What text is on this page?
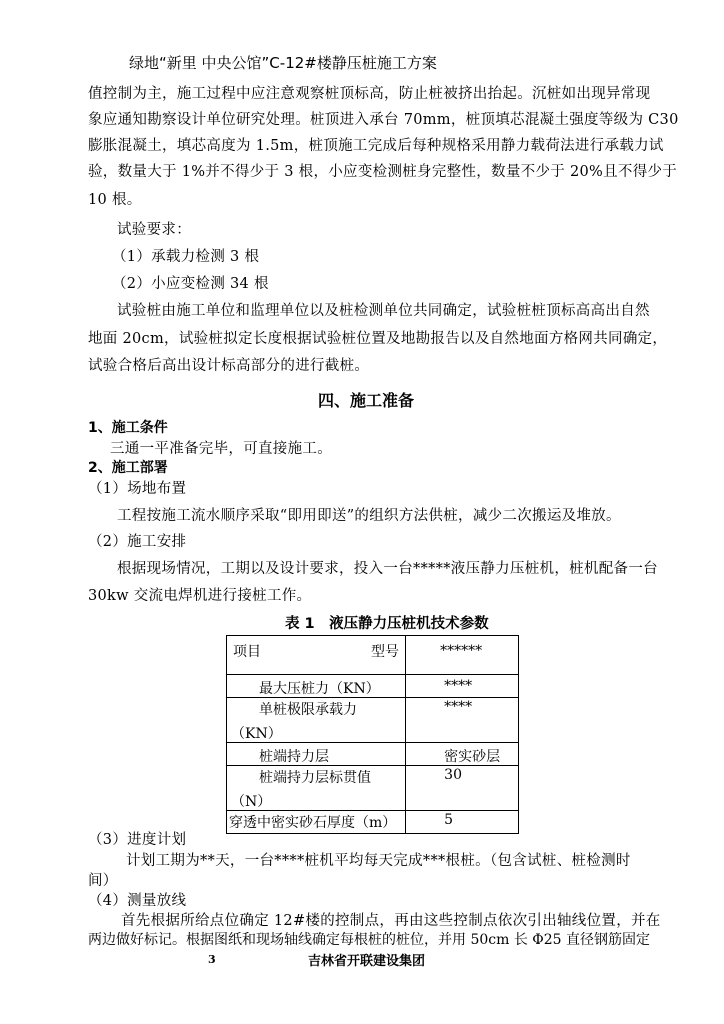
绿地“新里 中央公馆”C-12#楼静压桩施工方案
值控制为主，施工过程中应注意观察桩顶标高，防止桩被挤出抬起。沉桩如出现异常现
象应通知勘察设计单位研究处理。桩顶进入承台 70mm，桩顶填芯混凝土强度等级为 C30
膨胀混凝土，填芯高度为 1.5m，桩顶施工完成后每种规格采用静力载荷法进行承载力试
验，数量大于 1%并不得少于 3 根，小应变检测桩身完整性，数量不少于 20%且不得少于
10 根。
试验要求：
（1）承载力检测 3 根
（2）小应变检测 34 根
试验桩由施工单位和监理单位以及桩检测单位共同确定，试验桩桩顶标高高出自然
地面 20cm，试验桩拟定长度根据试验桩位置及地勘报告以及自然地面方格网共同确定，
试验合格后高出设计标高部分的进行截桩。
四、施工准备
1、施工条件
三通一平准备完毕，可直接施工。
2、施工部署
（1）场地布置
工程按施工流水顺序采取“即用即送”的组织方法供桩，减少二次搬运及堆放。
（2）施工安排
根据现场情况，工期以及设计要求，投入一台*****液压静力压桩机，桩机配备一台
30kw 交流电焊机进行接桩工作。
表 1　液压静力压桩机技术参数
项目 型号	******

最大压桩力（KN）	****

单桩极限承载力
（KN）	****

桩端持力层	密实砂层

桩端持力层标贯值
（N）	30

穿透中密实砂石厚度（m）	5
（3）进度计划
计划工期为**天，一台****桩机平均每天完成***根桩。（包含试桩、桩检测时
间）
（4）测量放线
首先根据所给点位确定 12#楼的控制点，再由这些控制点依次引出轴线位置，并在
两边做好标记。根据图纸和现场轴线确定每根桩的桩位，并用 50cm 长 Φ25 直径钢筋固定
3	吉林省开联建设集团
